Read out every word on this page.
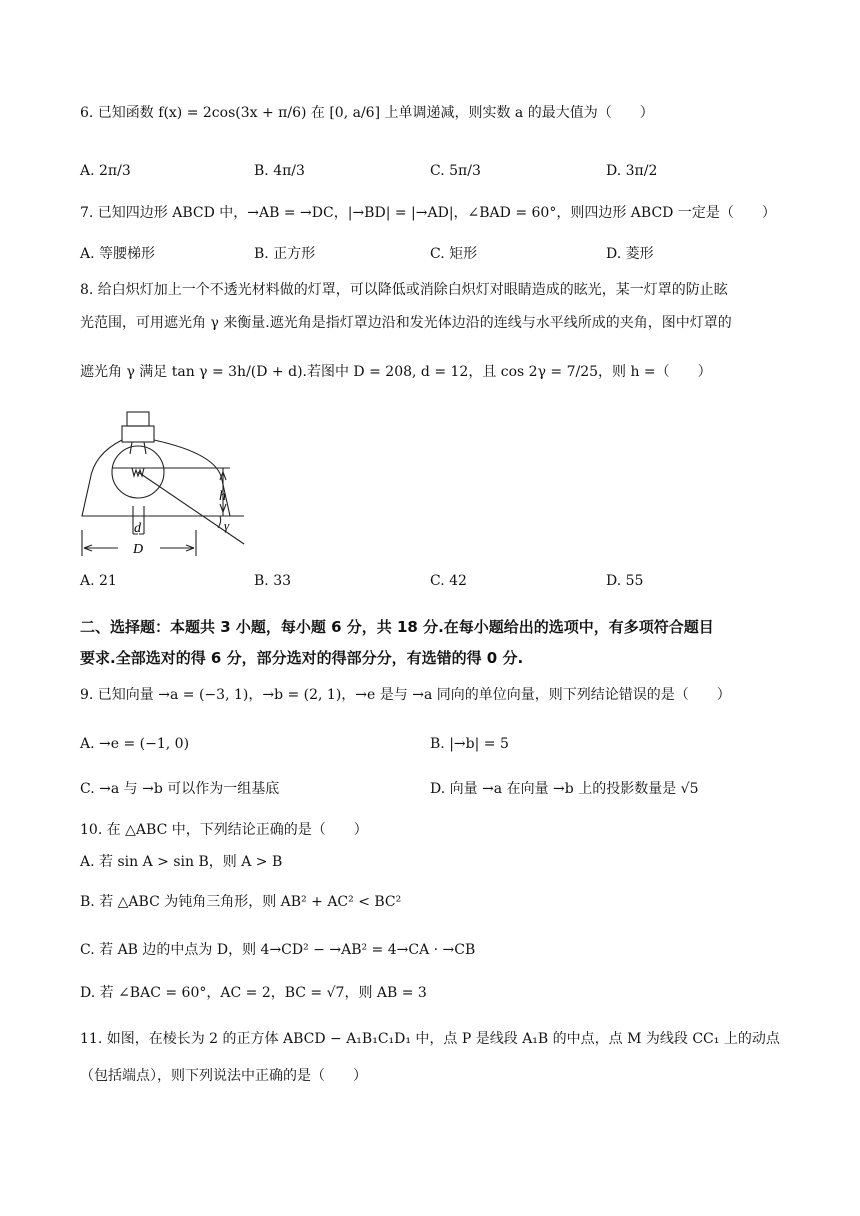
6. 已知函数 f(x) = 2cos(3x + π/6) 在 [0, a/6] 上单调递减，则实数 a 的最大值为（　　）
A. 2π/3	B. 4π/3	C. 5π/3	D. 3π/2
7. 已知四边形 ABCD 中，→AB = →DC，|→BD| = |→AD|，∠BAD = 60°，则四边形 ABCD 一定是（　　）
A. 等腰梯形	B. 正方形	C. 矩形	D. 菱形
8. 给白炽灯加上一个不透光材料做的灯罩，可以降低或消除白炽灯对眼睛造成的眩光，某一灯罩的防止眩
光范围，可用遮光角 γ 来衡量.遮光角是指灯罩边沿和发光体边沿的连线与水平线所成的夹角，图中灯罩的
遮光角 γ 满足 tan γ = 3h/(D + d).若图中 D = 208, d = 12，且 cos 2γ = 7/25，则 h =（　　）
h
γ
d
D
A. 21	B. 33	C. 42	D. 55
二、选择题：本题共 3 小题，每小题 6 分，共 18 分.在每小题给出的选项中，有多项符合题目
要求.全部选对的得 6 分，部分选对的得部分分，有选错的得 0 分.
9. 已知向量 →a = (−3, 1)，→b = (2, 1)，→e 是与 →a 同向的单位向量，则下列结论错误的是（　　）
A. →e = (−1, 0)	B. |→b| = 5
C. →a 与 →b 可以作为一组基底	D. 向量 →a 在向量 →b 上的投影数量是 √5
10. 在 △ABC 中，下列结论正确的是（　　）
A. 若 sin A > sin B，则 A > B
B. 若 △ABC 为钝角三角形，则 AB² + AC² < BC²
C. 若 AB 边的中点为 D，则 4→CD² − →AB² = 4→CA · →CB
D. 若 ∠BAC = 60°，AC = 2，BC = √7，则 AB = 3
11. 如图，在棱长为 2 的正方体 ABCD − A₁B₁C₁D₁ 中，点 P 是线段 A₁B 的中点，点 M 为线段 CC₁ 上的动点
（包括端点），则下列说法中正确的是（　　）
